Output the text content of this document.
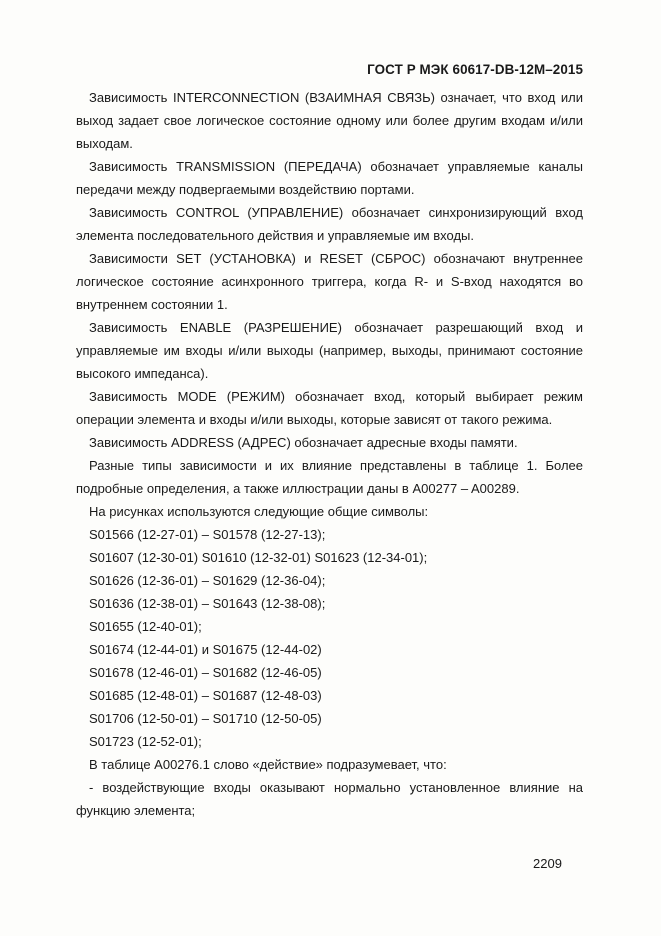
ГОСТ Р МЭК 60617-DB-12M–2015

Зависимость INTERCONNECTION (ВЗАИМНАЯ СВЯЗЬ) означает, что вход или выход задает свое логическое состояние одному или более другим входам и/или выходам.

Зависимость TRANSMISSION (ПЕРЕДАЧА) обозначает управляемые каналы передачи между подвергаемыми воздействию портами.

Зависимость CONTROL (УПРАВЛЕНИЕ) обозначает синхронизирующий вход элемента последовательного действия и управляемые им входы.

Зависимости SET (УСТАНОВКА) и RESET (СБРОС) обозначают внутреннее логическое состояние асинхронного триггера, когда R- и S-вход находятся во внутреннем состоянии 1.

Зависимость ENABLE (РАЗРЕШЕНИЕ) обозначает разрешающий вход и управляемые им входы и/или выходы (например, выходы, принимают состояние высокого импеданса).

Зависимость MODE (РЕЖИМ) обозначает вход, который выбирает режим операции элемента и входы и/или выходы, которые зависят от такого режима.

Зависимость ADDRESS (АДРЕС) обозначает адресные входы памяти.

Разные типы зависимости и их влияние представлены в таблице 1. Более подробные определения, а также иллюстрации даны в A00277 – A00289.

На рисунках используются следующие общие символы:

S01566 (12-27-01) – S01578 (12-27-13);

S01607 (12-30-01) S01610 (12-32-01) S01623 (12-34-01);

S01626 (12-36-01) – S01629 (12-36-04);

S01636 (12-38-01) – S01643 (12-38-08);

S01655 (12-40-01);

S01674 (12-44-01) и S01675 (12-44-02)

S01678 (12-46-01) – S01682 (12-46-05)

S01685 (12-48-01) – S01687 (12-48-03)

S01706 (12-50-01) – S01710 (12-50-05)

S01723 (12-52-01);

В таблице A00276.1 слово «действие» подразумевает, что:

- воздействующие входы оказывают нормально установленное влияние на функцию элемента;

2209
